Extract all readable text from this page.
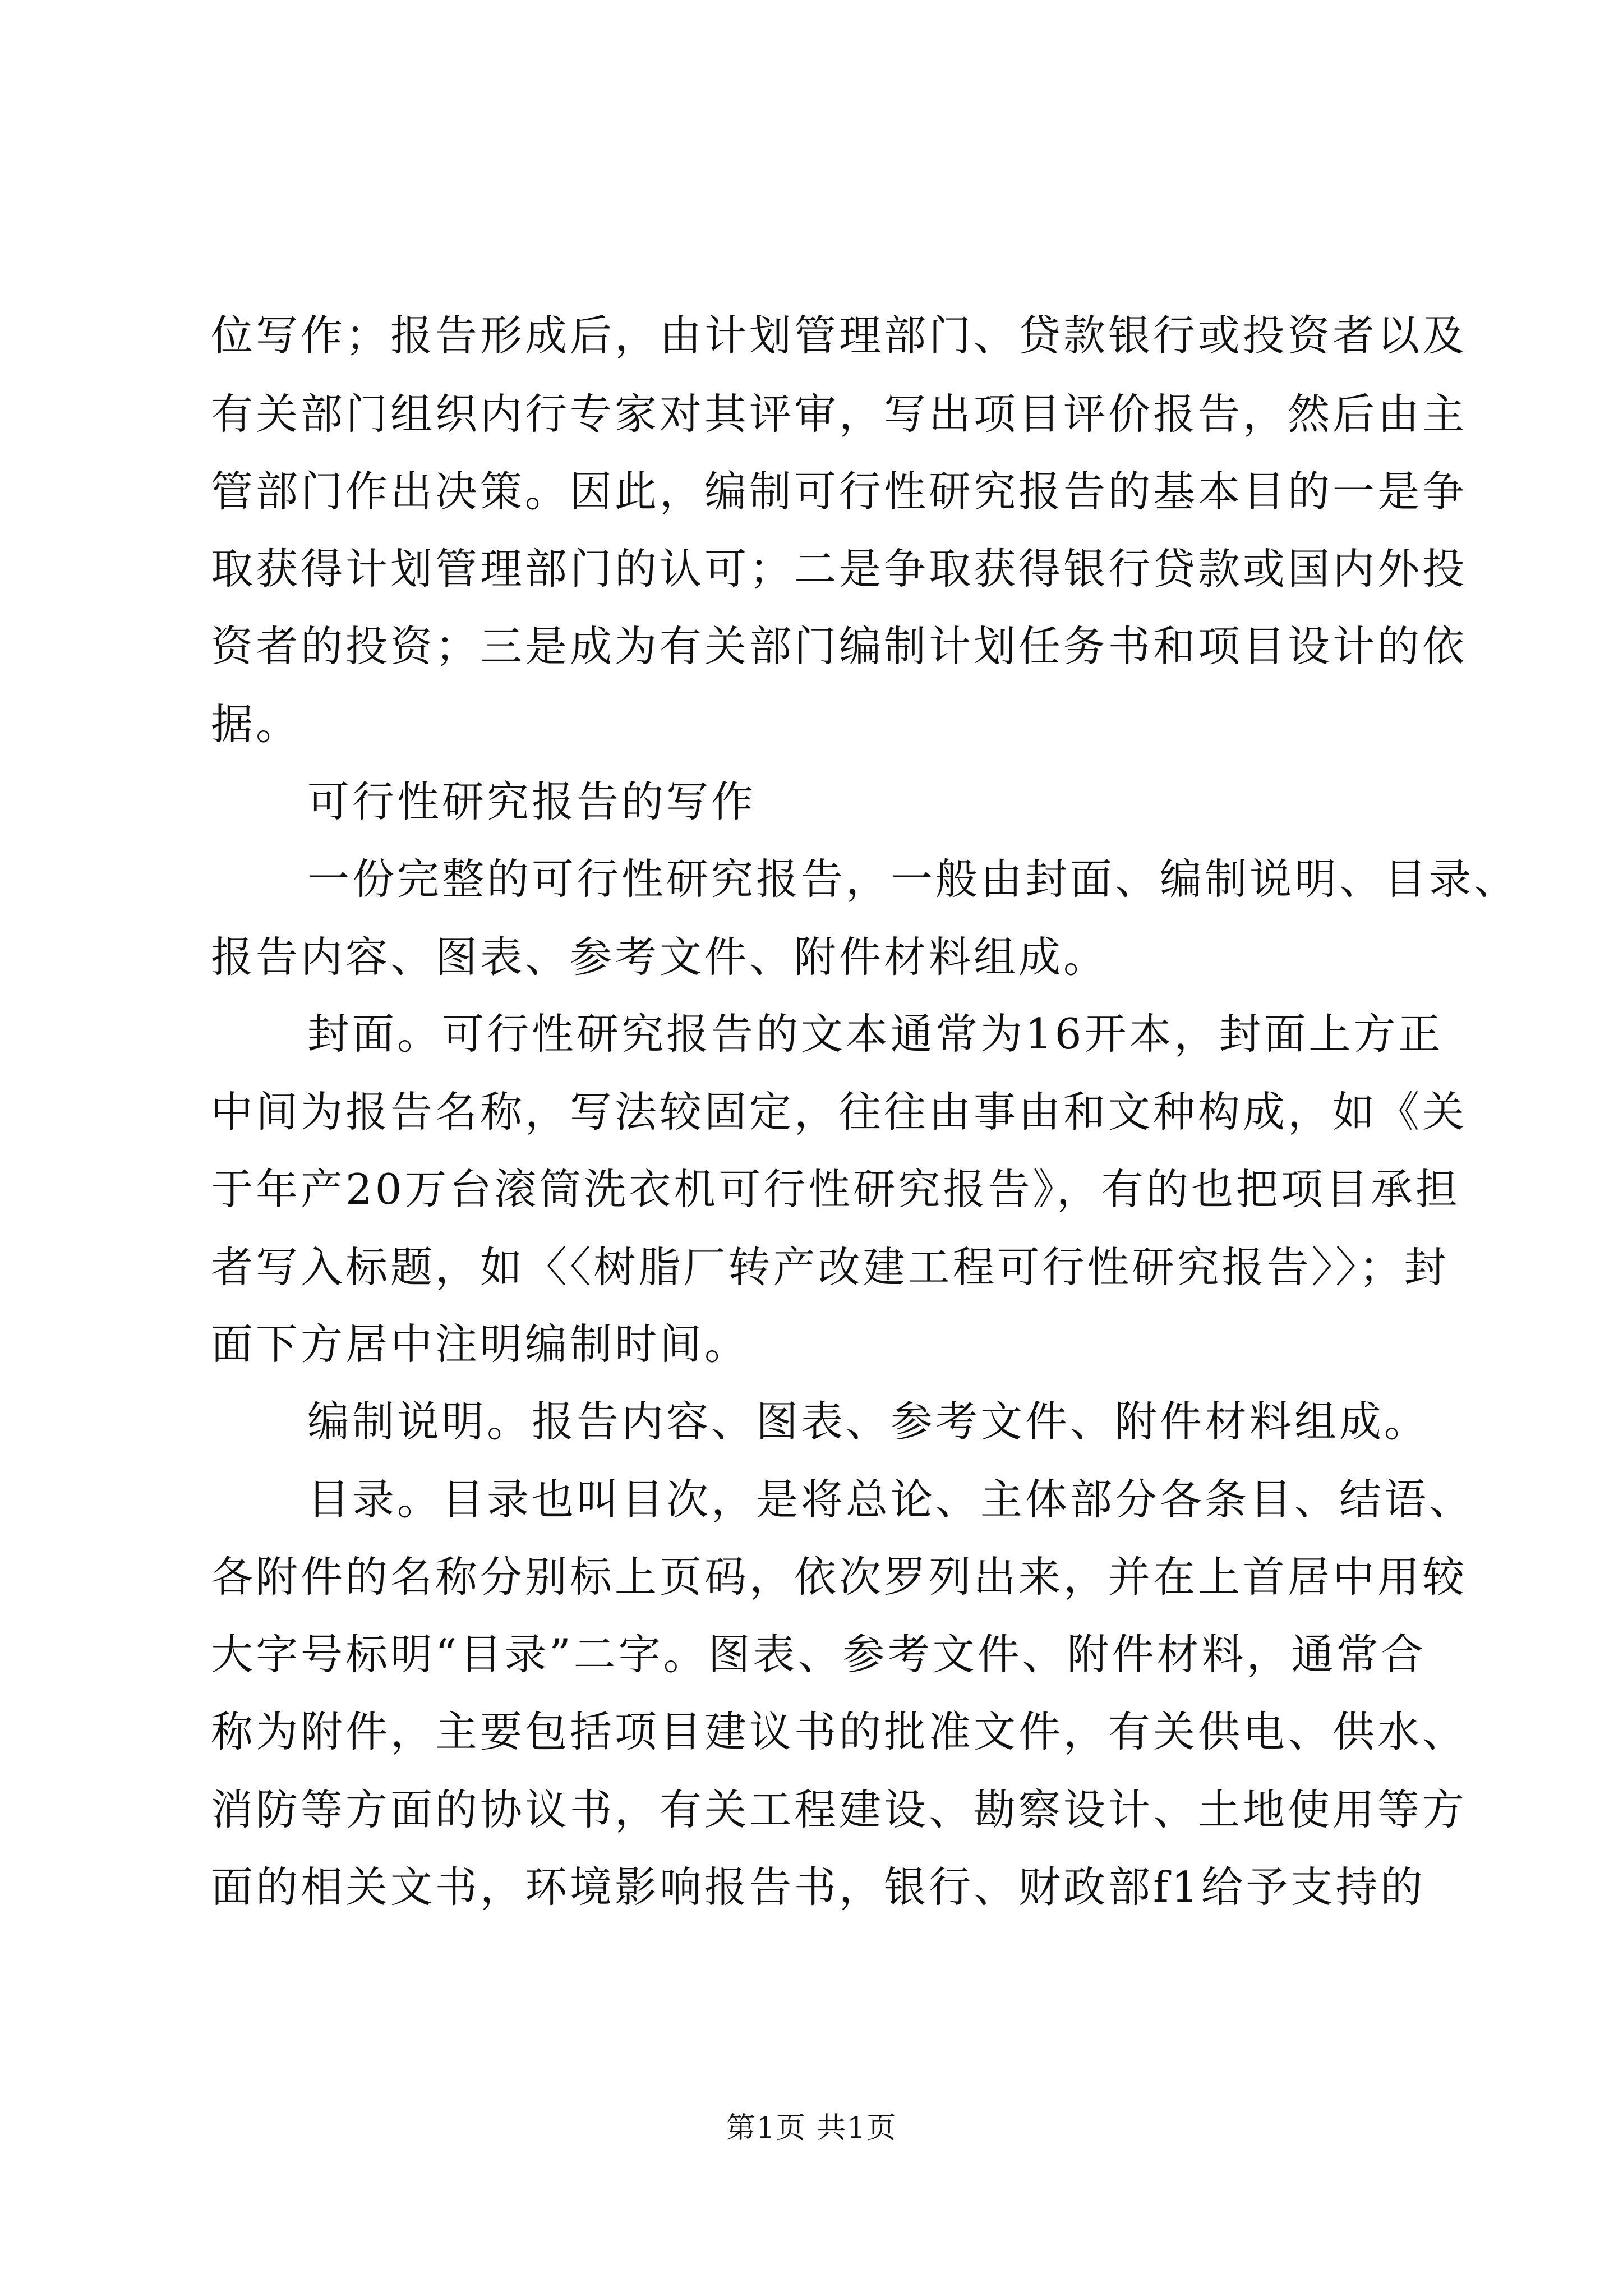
位写作；报告形成后，由计划管理部门、贷款银行或投资者以及
有关部门组织内行专家对其评审，写出项目评价报告，然后由主
管部门作出决策。因此，编制可行性研究报告的基本目的一是争
取获得计划管理部门的认可；二是争取获得银行贷款或国内外投
资者的投资；三是成为有关部门编制计划任务书和项目设计的依
据。
可行性研究报告的写作
一份完整的可行性研究报告，一般由封面、编制说明、目录、
报告内容、图表、参考文件、附件材料组成。
封面。可行性研究报告的文本通常为16开本，封面上方正
中间为报告名称，写法较固定，往往由事由和文种构成，如《关
于年产20万台滚筒洗衣机可行性研究报告》，有的也把项目承担
者写入标题，如〈〈树脂厂转产改建工程可行性研究报告〉〉；封
面下方居中注明编制时间。
编制说明。报告内容、图表、参考文件、附件材料组成。
目录。目录也叫目次，是将总论、主体部分各条目、结语、
各附件的名称分别标上页码，依次罗列出来，并在上首居中用较
大字号标明“目录”二字。图表、参考文件、附件材料，通常合
称为附件，主要包括项目建议书的批准文件，有关供电、供水、
消防等方面的协议书，有关工程建设、勘察设计、土地使用等方
面的相关文书，环境影响报告书，银行、财政部f1给予支持的
第1页 共1页
